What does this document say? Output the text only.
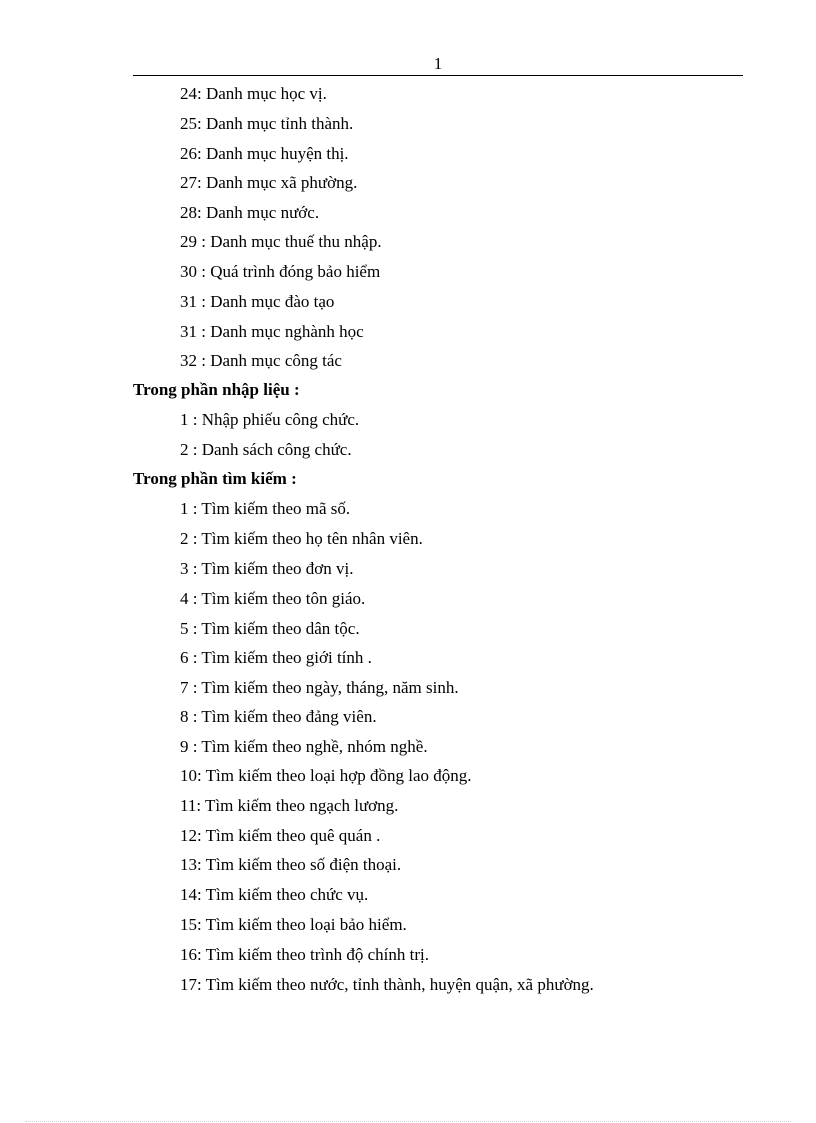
1
24: Danh mục học vị.
25: Danh mục tỉnh thành.
26: Danh mục huyện thị.
27: Danh mục xã phường.
28: Danh mục nước.
29 : Danh mục thuế thu nhập.
30 : Quá trình đóng bảo hiểm
31 : Danh mục đào tạo
31 : Danh mục nghành học
32 : Danh mục công tác
Trong phần nhập liệu :
1 : Nhập phiếu công chức.
2 : Danh sách công chức.
Trong phần tìm kiếm :
1 : Tìm kiếm theo mã số.
2 : Tìm kiếm theo họ tên nhân viên.
3 : Tìm kiếm theo đơn vị.
4 : Tìm kiếm theo tôn giáo.
5 : Tìm kiếm theo dân tộc.
6 : Tìm kiếm theo giới tính .
7 : Tìm kiếm theo ngày, tháng, năm sinh.
8 : Tìm kiếm theo đảng viên.
9 : Tìm kiếm theo nghề, nhóm nghề.
10: Tìm kiếm theo loại hợp đồng lao động.
11: Tìm kiếm theo ngạch lương.
12: Tìm kiếm theo quê quán .
13: Tìm kiếm theo số điện thoại.
14: Tìm kiếm theo chức vụ.
15: Tìm kiếm theo loại bảo hiểm.
16: Tìm kiếm theo trình độ chính trị.
17: Tìm kiếm theo nước, tỉnh thành, huyện quận, xã phường.
